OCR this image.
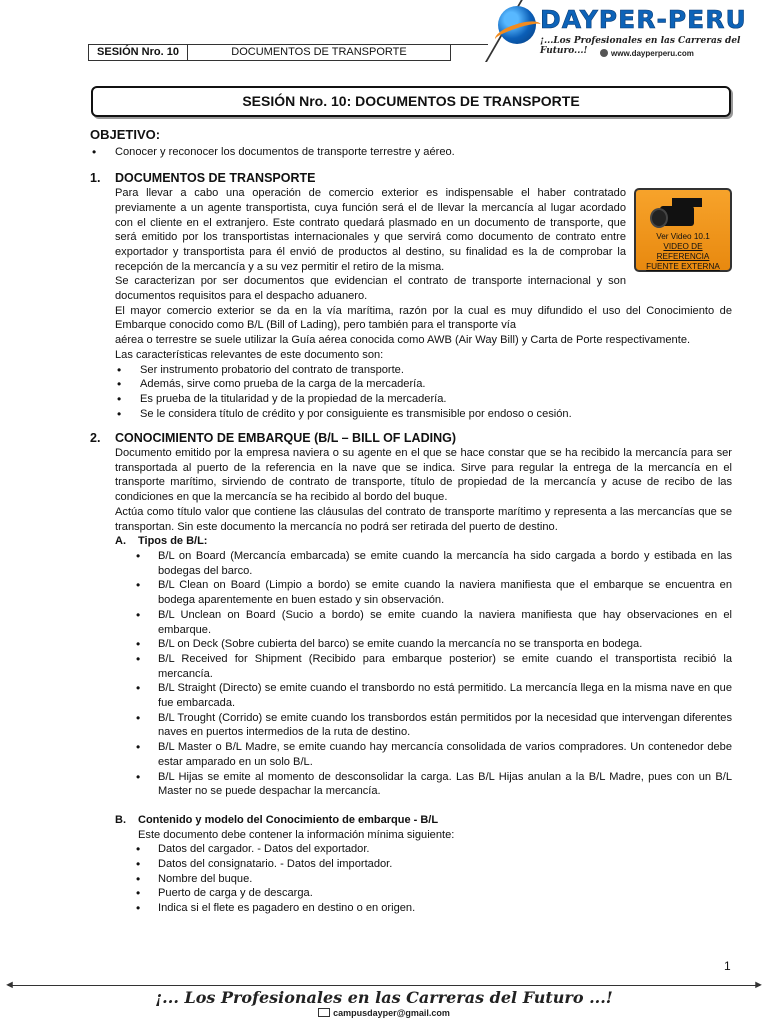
SESIÓN Nro. 10	DOCUMENTOS DE TRANSPORTE
DAYPER-PERU
¡...Los Profesionales en las Carreras del Futuro...!	www.dayperperu.com
SESIÓN Nro. 10: DOCUMENTOS DE TRANSPORTE
OBJETIVO:
• Conocer y reconocer los documentos de transporte terrestre y aéreo.
1. DOCUMENTOS DE TRANSPORTE
Ver Video 10.1
VIDEO DE REFERENCIA
FUENTE EXTERNA

Para llevar a cabo una operación de comercio exterior es indispensable el haber contratado previamente a un agente transportista, cuya función será el de llevar la mercancía al lugar acordado con el cliente en el extranjero. Este contrato quedará plasmado en un documento de transporte, que será emitido por los transportistas internacionales y que servirá como documento de contrato entre exportador y transportista para él envió de productos al destino, su finalidad es la de comprobar la recepción de la mercancía y a su vez permitir el retiro de la misma.

Se caracterizan por ser documentos que evidencian el contrato de transporte internacional y son documentos requisitos para el despacho aduanero.

El mayor comercio exterior se da en la vía marítima, razón por la cual es muy difundido el uso del Conocimiento de Embarque conocido como B/L (Bill of Lading), pero también para el transporte vía

aérea o terrestre se suele utilizar la Guía aérea conocida como AWB (Air Way Bill) y Carta de Porte respectivamente.

Las características relevantes de este documento son:

• Ser instrumento probatorio del contrato de transporte.
• Además, sirve como prueba de la carga de la mercadería.
• Es prueba de la titularidad y de la propiedad de la mercadería.
• Se le considera título de crédito y por consiguiente es transmisible por endoso o cesión.
2. CONOCIMIENTO DE EMBARQUE (B/L – BILL OF LADING)

Documento emitido por la empresa naviera o su agente en el que se hace constar que se ha recibido la mercancía para ser transportada al puerto de la referencia en la nave que se indica. Sirve para regular la entrega de la mercancía en el transporte marítimo, sirviendo de contrato de transporte, título de propiedad de la mercancía y acuse de recibo de las condiciones en que la mercancía se ha recibido al bordo del buque.

Actúa como título valor que contiene las cláusulas del contrato de transporte marítimo y representa a las mercancías que se transportan. Sin este documento la mercancía no podrá ser retirada del puerto de destino.

A. Tipos de B/L:
• B/L on Board (Mercancía embarcada) se emite cuando la mercancía ha sido cargada a bordo y estibada en las bodegas del barco.
• B/L Clean on Board (Limpio a bordo) se emite cuando la naviera manifiesta que el embarque se encuentra en bodega aparentemente en buen estado y sin observación.
• B/L Unclean on Board (Sucio a bordo) se emite cuando la naviera manifiesta que hay observaciones en el embarque.
• B/L on Deck (Sobre cubierta del barco) se emite cuando la mercancía no se transporta en bodega.
• B/L Received for Shipment (Recibido para embarque posterior) se emite cuando el transportista recibió la mercancía.
• B/L Straight (Directo) se emite cuando el transbordo no está permitido. La mercancía llega en la misma nave en que fue embarcada.
• B/L Trought (Corrido) se emite cuando los transbordos están permitidos por la necesidad que intervengan diferentes naves en puertos intermedios de la ruta de destino.
• B/L Master o B/L Madre, se emite cuando hay mercancía consolidada de varios compradores. Un contenedor debe estar amparado en un solo B/L.
• B/L Hijas se emite al momento de desconsolidar la carga. Las B/L Hijas anulan a la B/L Madre, pues con un B/L Master no se puede despachar la mercancía.
B. Contenido y modelo del Conocimiento de embarque - B/L
Este documento debe contener la información mínima siguiente:
• Datos del cargador. - Datos del exportador.
• Datos del consignatario. - Datos del importador.
• Nombre del buque.
• Puerto de carga y de descarga.
• Indica si el flete es pagadero en destino o en origen.
1
◄	►
¡... Los Profesionales en las Carreras del Futuro ...!
campusdayper@gmail.com
